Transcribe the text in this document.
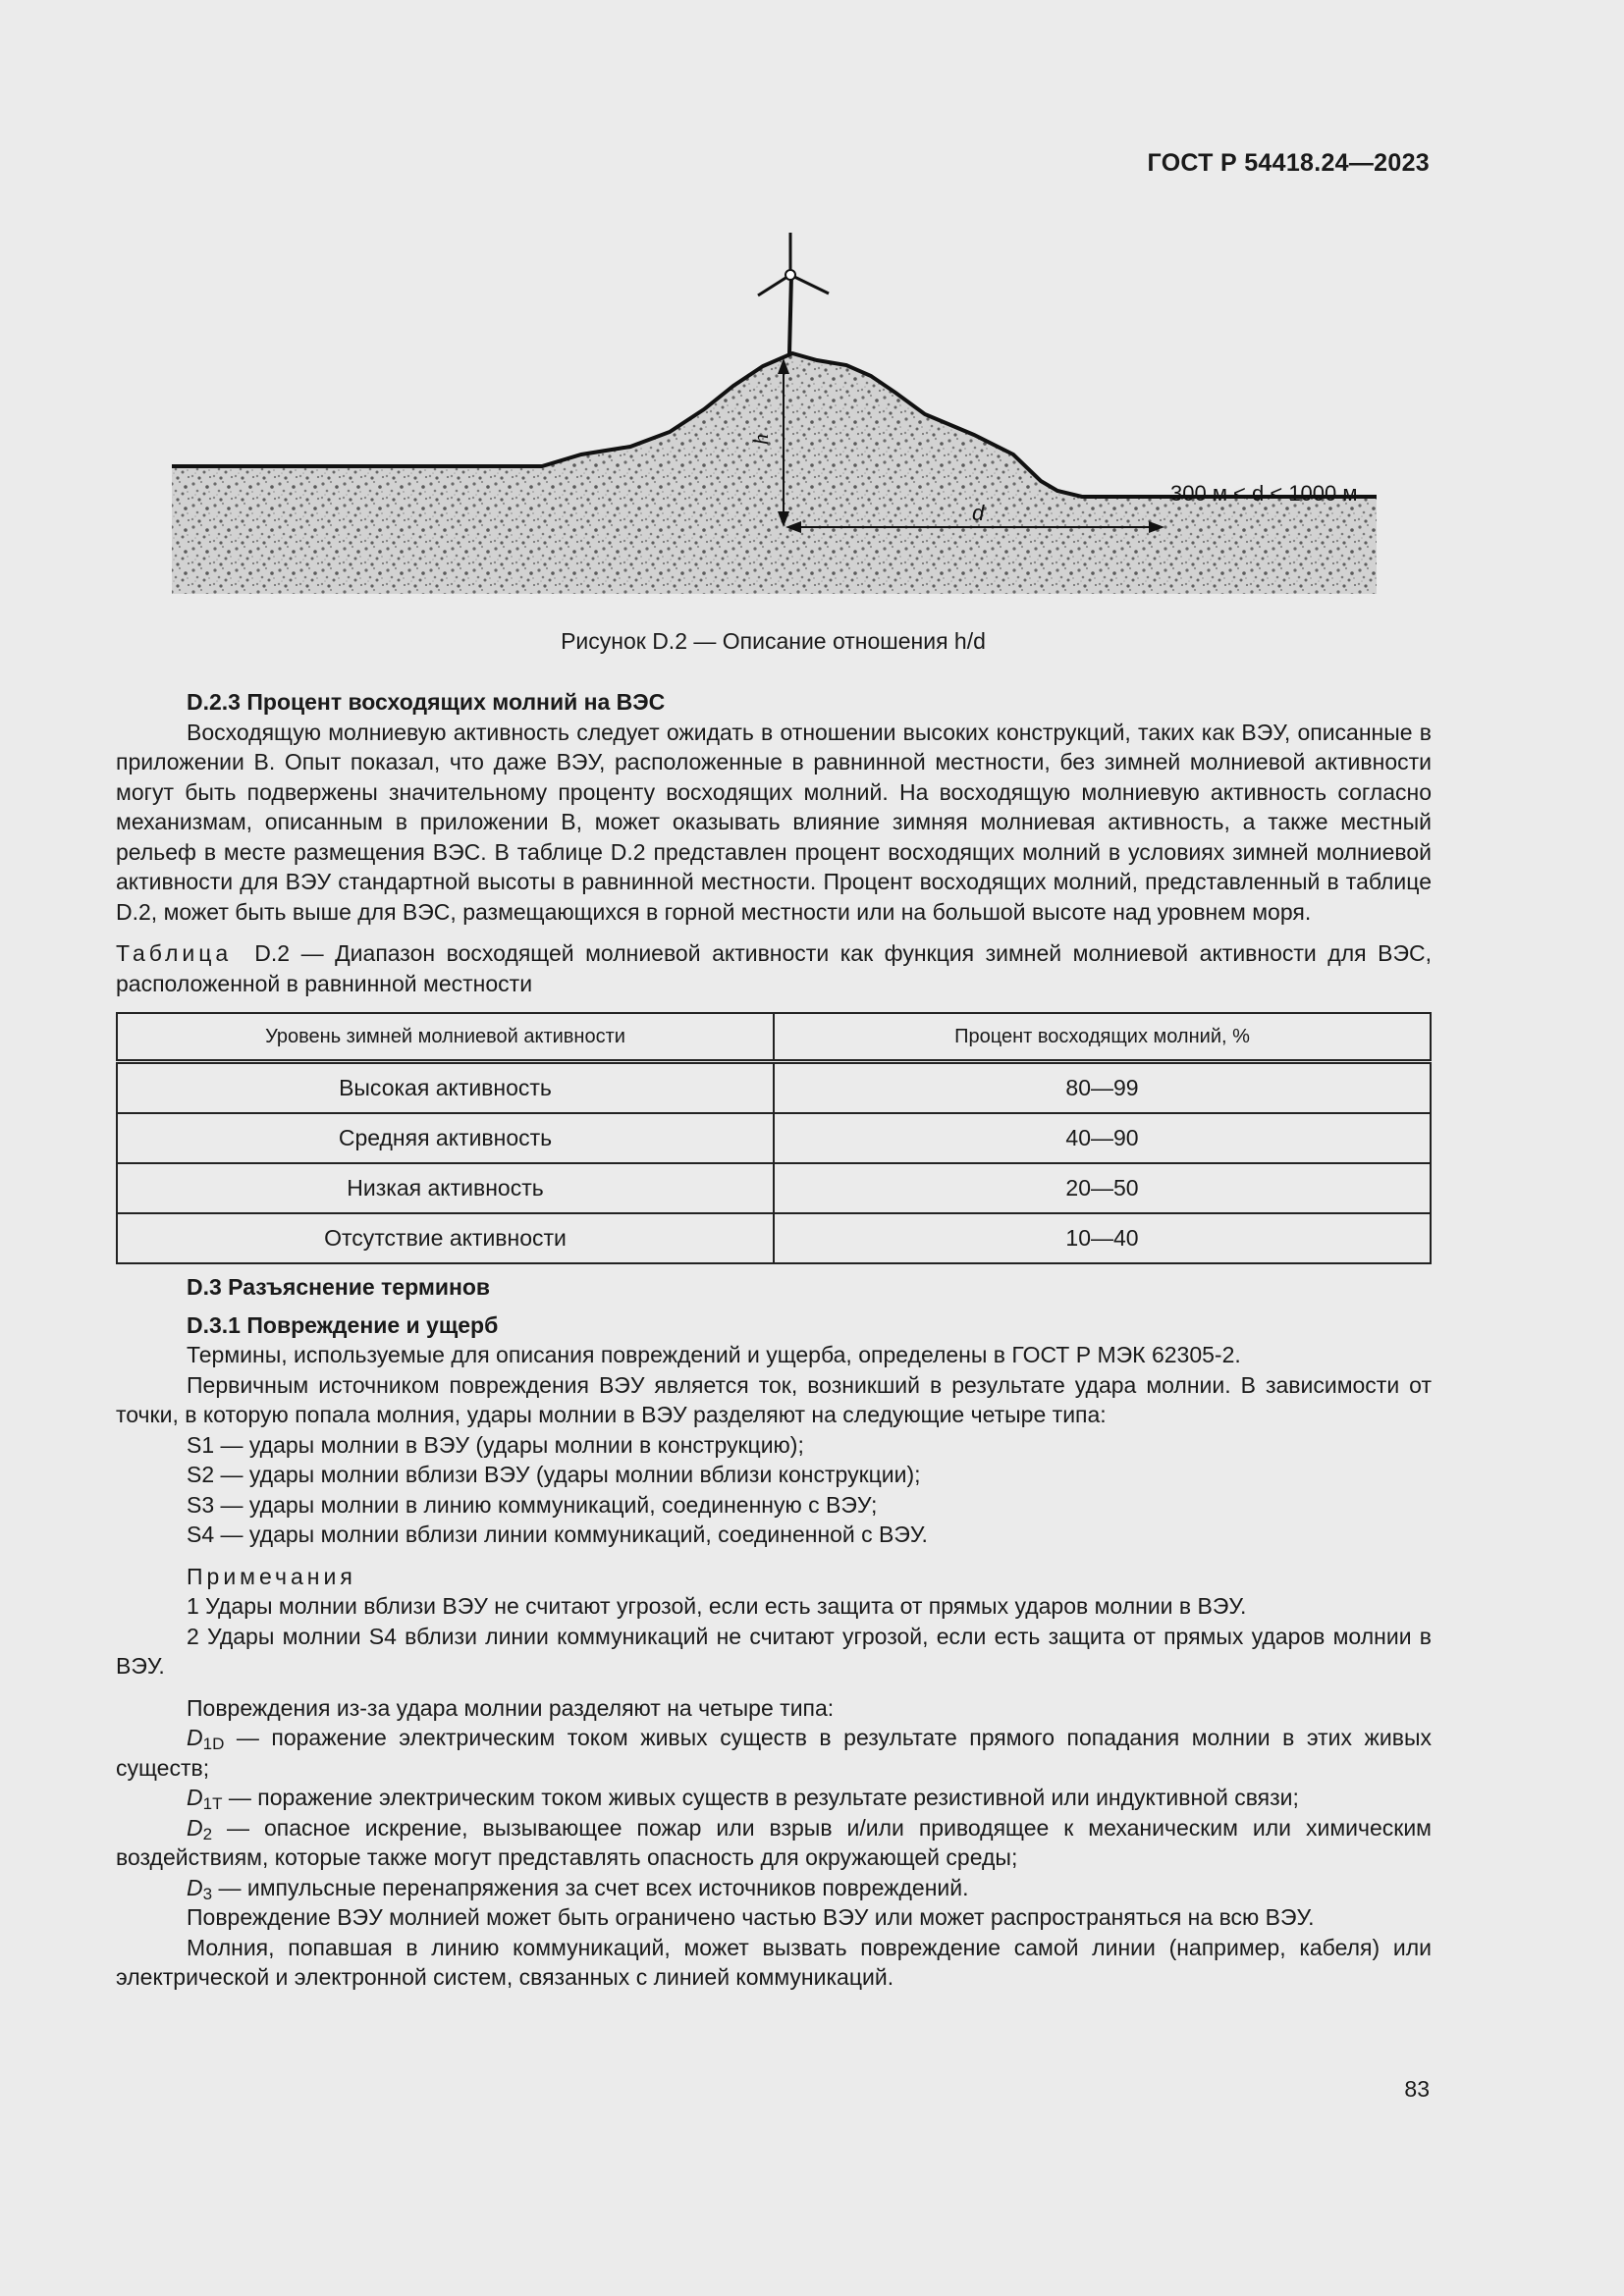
ГОСТ Р 54418.24—2023
h
d
300 м < d < 1000 м
Рисунок D.2 — Описание отношения h/d

D.2.3 Процент восходящих молний на ВЭС

Восходящую молниевую активность следует ожидать в отношении высоких конструкций, таких как ВЭУ, описанные в приложении В. Опыт показал, что даже ВЭУ, расположенные в равнинной местности, без зимней молниевой активности могут быть подвержены значительному проценту восходящих молний. На восходящую молниевую активность согласно механизмам, описанным в приложении В, может оказывать влияние зимняя молниевая активность, а также местный рельеф в месте размещения ВЭС. В таблице D.2 представлен процент восходящих молний в условиях зимней молниевой активности для ВЭУ стандартной высоты в равнинной местности. Процент восходящих молний, представленный в таблице D.2, может быть выше для ВЭС, размещающихся в горной местности или на большой высоте над уровнем моря.

Таблица D.2 — Диапазон восходящей молниевой активности как функция зимней молниевой активности для ВЭС, расположенной в равнинной местности

Уровень зимней молниевой активности	Процент восходящих молний, %
Высокая активность	80—99
Средняя активность	40—90
Низкая активность	20—50
Отсутствие активности	10—40

D.3 Разъяснение терминов

D.3.1 Повреждение и ущерб

Термины, используемые для описания повреждений и ущерба, определены в ГОСТ Р МЭК 62305-2.

Первичным источником повреждения ВЭУ является ток, возникший в результате удара молнии. В зависимости от точки, в которую попала молния, удары молнии в ВЭУ разделяют на следующие четыре типа:

S1 — удары молнии в ВЭУ (удары молнии в конструкцию);

S2 — удары молнии вблизи ВЭУ (удары молнии вблизи конструкции);

S3 — удары молнии в линию коммуникаций, соединенную с ВЭУ;

S4 — удары молнии вблизи линии коммуникаций, соединенной с ВЭУ.

Примечания

1 Удары молнии вблизи ВЭУ не считают угрозой, если есть защита от прямых ударов молнии в ВЭУ.

2 Удары молнии S4 вблизи линии коммуникаций не считают угрозой, если есть защита от прямых ударов молнии в ВЭУ.

Повреждения из-за удара молнии разделяют на четыре типа:

$D_{1D}$ — поражение электрическим током живых существ в результате прямого попадания молнии в этих живых существ;

$D_{1T}$ — поражение электрическим током живых существ в результате резистивной или индуктивной связи;

$D_2$ — опасное искрение, вызывающее пожар или взрыв и/или приводящее к механическим или химическим воздействиям, которые также могут представлять опасность для окружающей среды;

$D_3$ — импульсные перенапряжения за счет всех источников повреждений.

Повреждение ВЭУ молнией может быть ограничено частью ВЭУ или может распространяться на всю ВЭУ.

Молния, попавшая в линию коммуникаций, может вызвать повреждение самой линии (например, кабеля) или электрической и электронной систем, связанных с линией коммуникаций.

83
